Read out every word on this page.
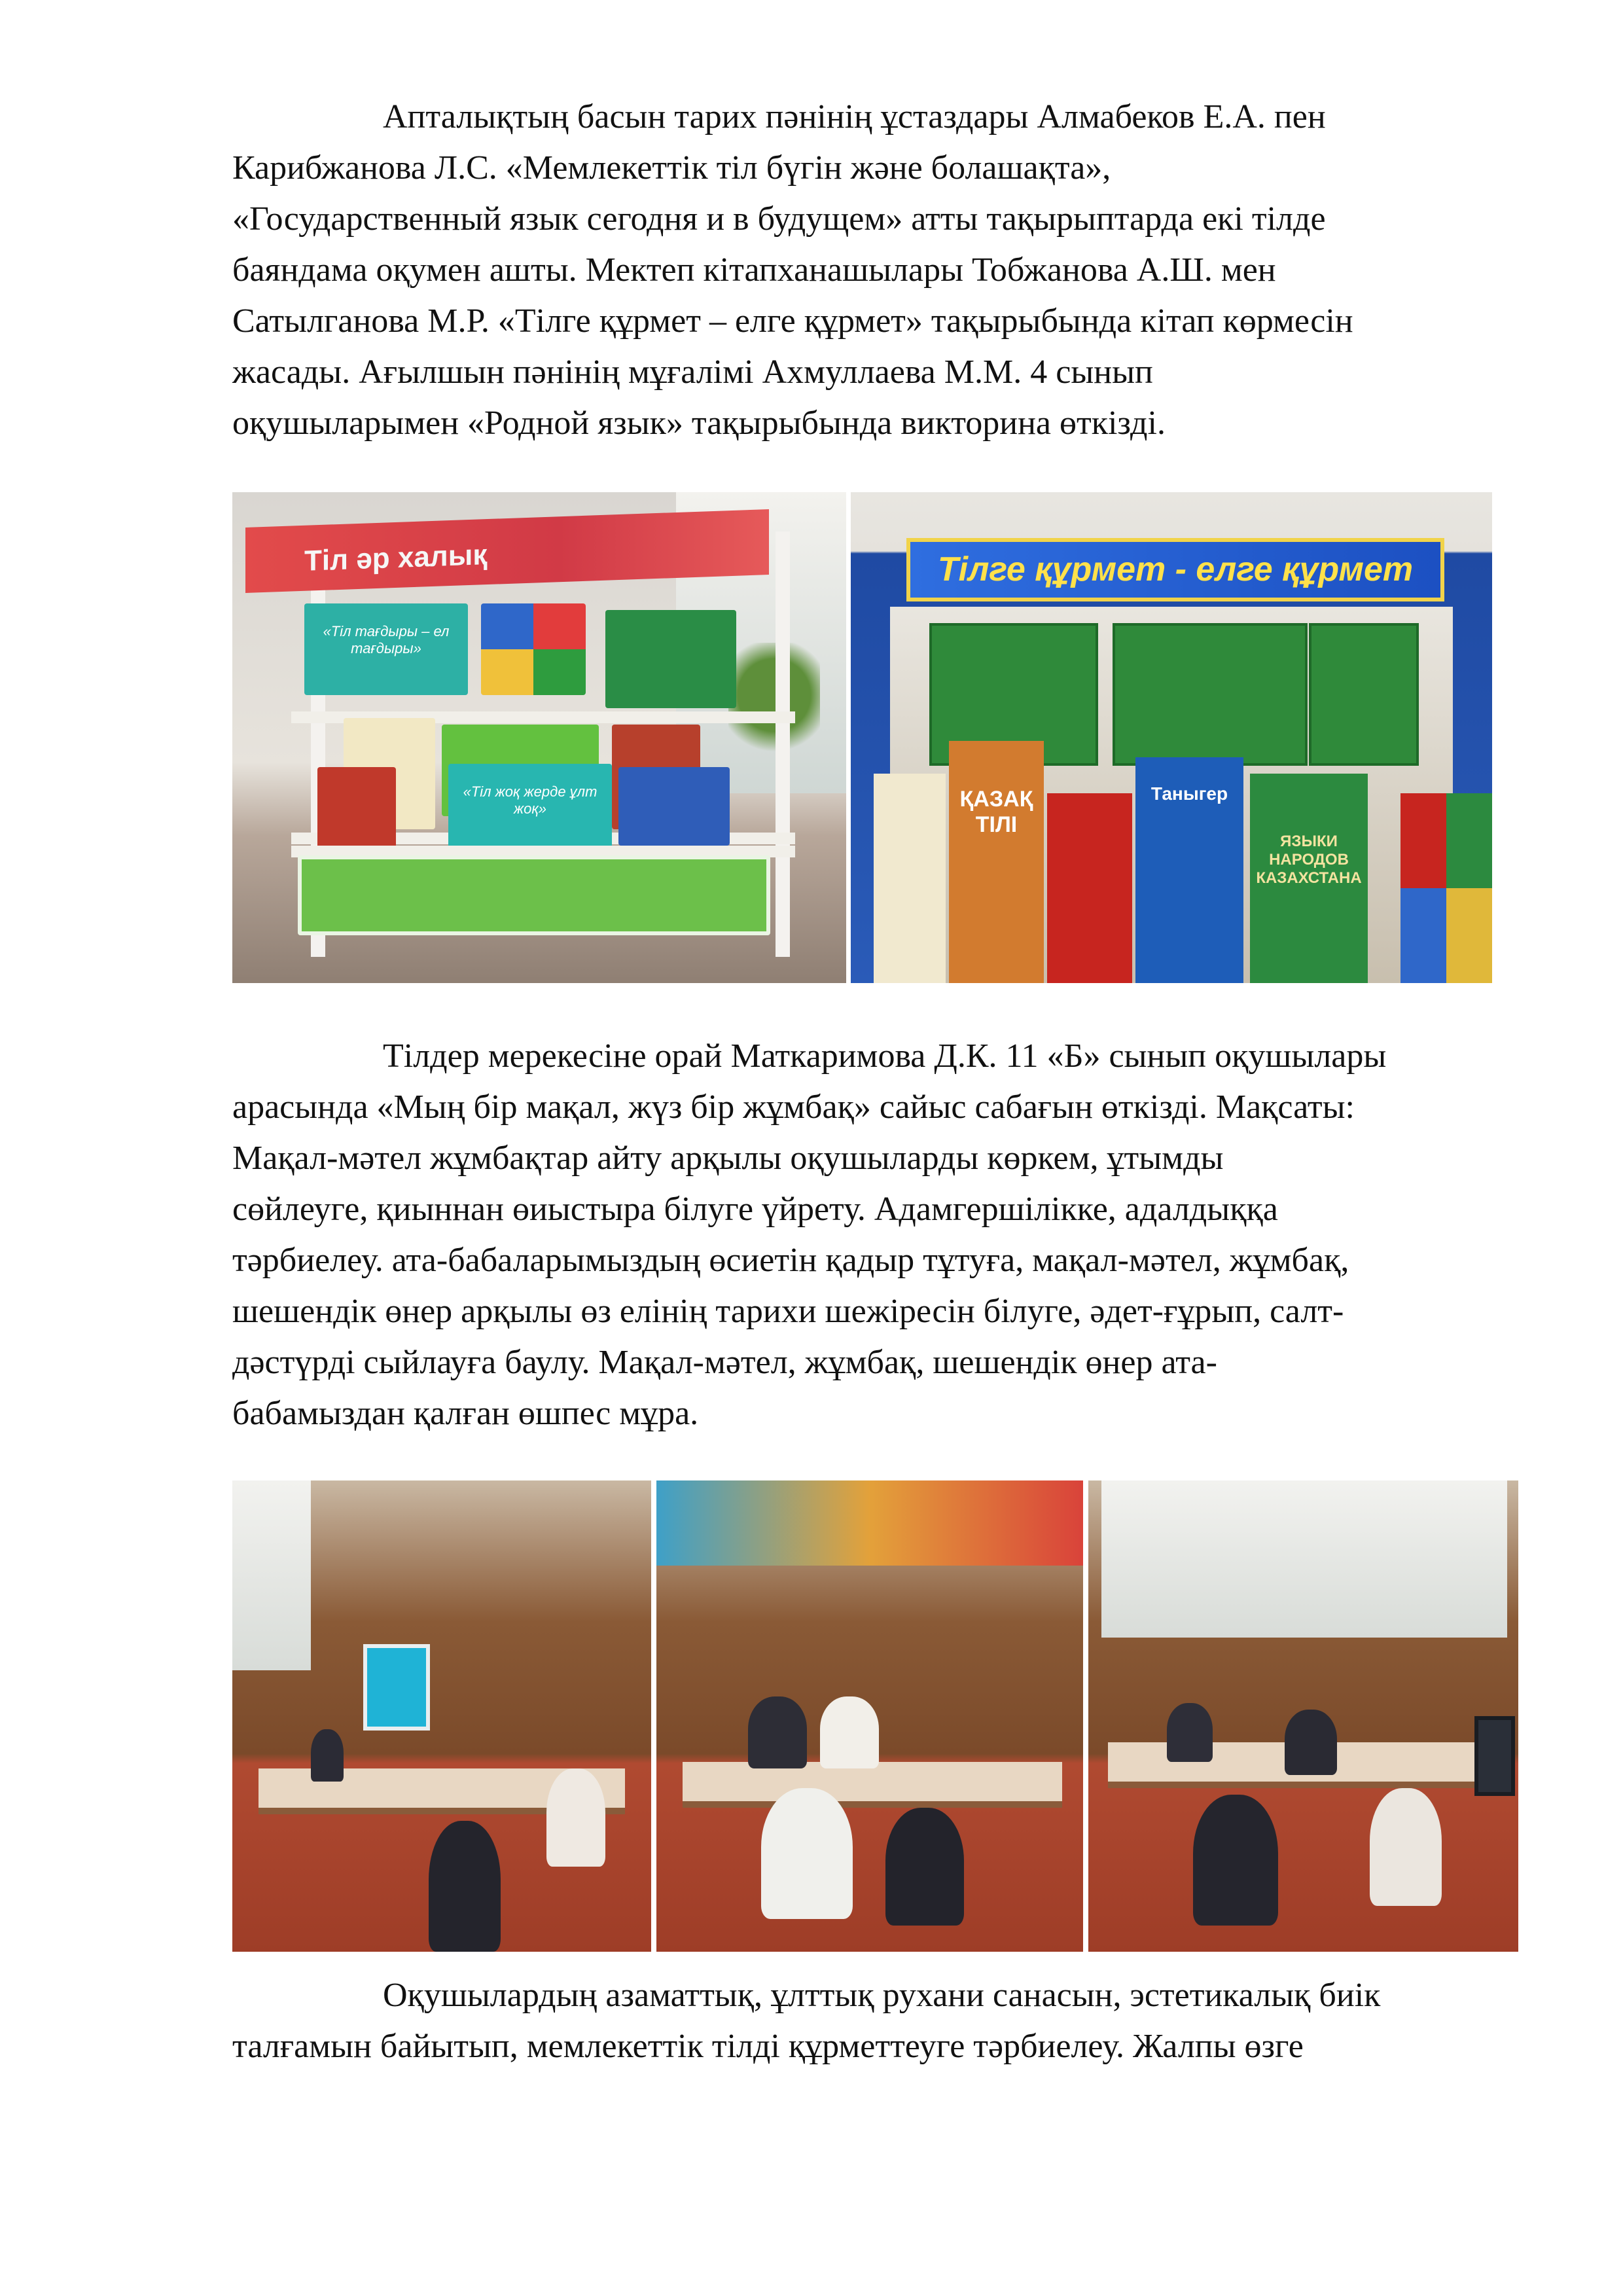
Апталықтың басын тарих пәнінің ұстаздары Алмабеков Е.А. пен
Карибжанова Л.С. «Мемлекеттік тіл бүгін және болашақта»,
«Государственный язык сегодня и в будущем» атты тақырыптарда екі тілде
баяндама оқумен ашты. Мектеп кітапханашылары Тобжанова А.Ш. мен
Сатылганова М.Р. «Тілге құрмет – елге құрмет» тақырыбында кітап көрмесін
жасады. Ағылшын пәнінің мұғалімі Ахмуллаева М.М. 4 сынып
оқушыларымен «Родной язык» тақырыбында викторина өткізді.
Тіл әр халық
«Тіл тағдыры – ел тағдыры»
«Тіл жоқ жерде ұлт жоқ»
Тілге құрмет - елге құрмет
ҚАЗАҚ ТІЛІ
Таныгер
ЯЗЫКИ НАРОДОВ КАЗАХСТАНА
Тілдер мерекесіне орай Маткаримова Д.К. 11 «Б» сынып оқушылары
арасында «Мың бір мақал, жүз бір жұмбақ» сайыс сабағын өткізді. Мақсаты:
Мақал-мәтел жұмбақтар айту арқылы оқушыларды көркем, ұтымды
сөйлеуге, қиыннан өиыстыра білуге үйрету. Адамгершілікке, адалдыққа
тәрбиелеу. ата-бабаларымыздың өсиетін қадыр тұтуға, мақал-мәтел, жұмбақ,
шешендік өнер арқылы өз елінің тарихи шежіресін білуге, әдет-ғұрып, салт-
дәстүрді сыйлауға баулу. Мақал-мәтел, жұмбақ, шешендік өнер ата-
бабамыздан қалған өшпес мұра.
Оқушылардың азаматтық, ұлттық рухани санасын, эстетикалық биік
талғамын байытып, мемлекеттік тілді құрметтеуге тәрбиелеу. Жалпы өзге
